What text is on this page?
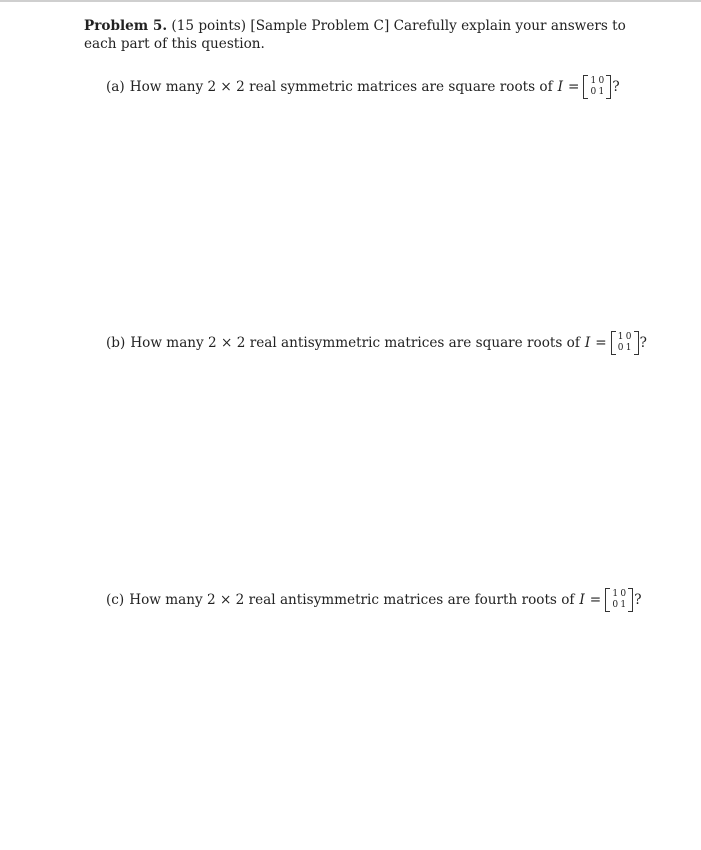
Problem 5. (15 points) [Sample Problem C] Carefully explain your answers to each part of this question.
(a) How many 2 × 2 real symmetric matrices are square roots of I = 1 0
0 1 ?
(b) How many 2 × 2 real antisymmetric matrices are square roots of I = 1 0
0 1 ?
(c) How many 2 × 2 real antisymmetric matrices are fourth roots of I = 1 0
0 1 ?
